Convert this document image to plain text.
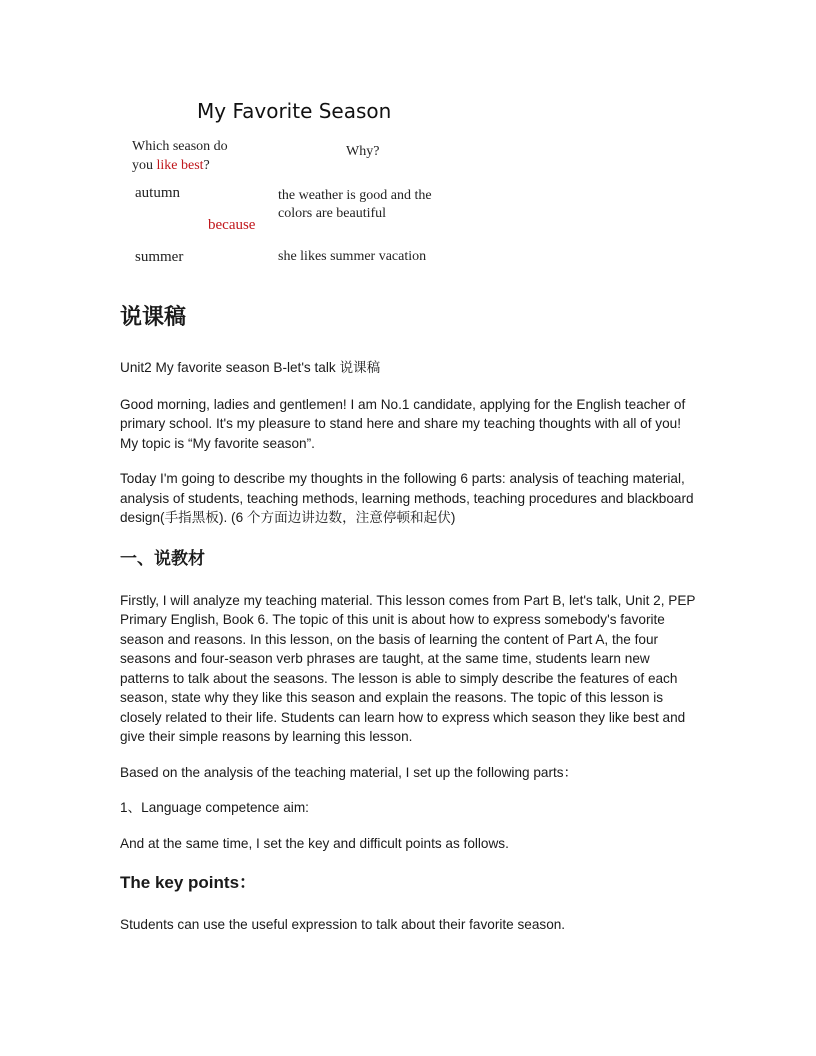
My Favorite Season
Which season do
you like best?
Why?
autumn
because
the weather is good and the
colors are beautiful
summer	she likes summer vacation
说课稿

Unit2 My favorite season B-let's talk 说课稿

Good morning, ladies and gentlemen! I am No.1 candidate, applying for the English teacher of primary school. It's my pleasure to stand here and share my teaching thoughts with all of you! My topic is “My favorite season”.

Today I'm going to describe my thoughts in the following 6 parts: analysis of teaching material, analysis of students, teaching methods, learning methods, teaching procedures and blackboard design(手指黑板). (6 个方面边讲边数，注意停顿和起伏)

一、说教材

Firstly, I will analyze my teaching material. This lesson comes from Part B, let's talk, Unit 2, PEP Primary English, Book 6. The topic of this unit is about how to express somebody's favorite season and reasons. In this lesson, on the basis of learning the content of Part A, the four seasons and four-season verb phrases are taught, at the same time, students learn new patterns to talk about the seasons. The lesson is able to simply describe the features of each season, state why they like this season and explain the reasons. The topic of this lesson is closely related to their life. Students can learn how to express which season they like best and give their simple reasons by learning this lesson.

Based on the analysis of the teaching material, I set up the following parts：

1、Language competence aim:

And at the same time, I set the key and difficult points as follows.

The key points：

Students can use the useful expression to talk about their favorite season.
